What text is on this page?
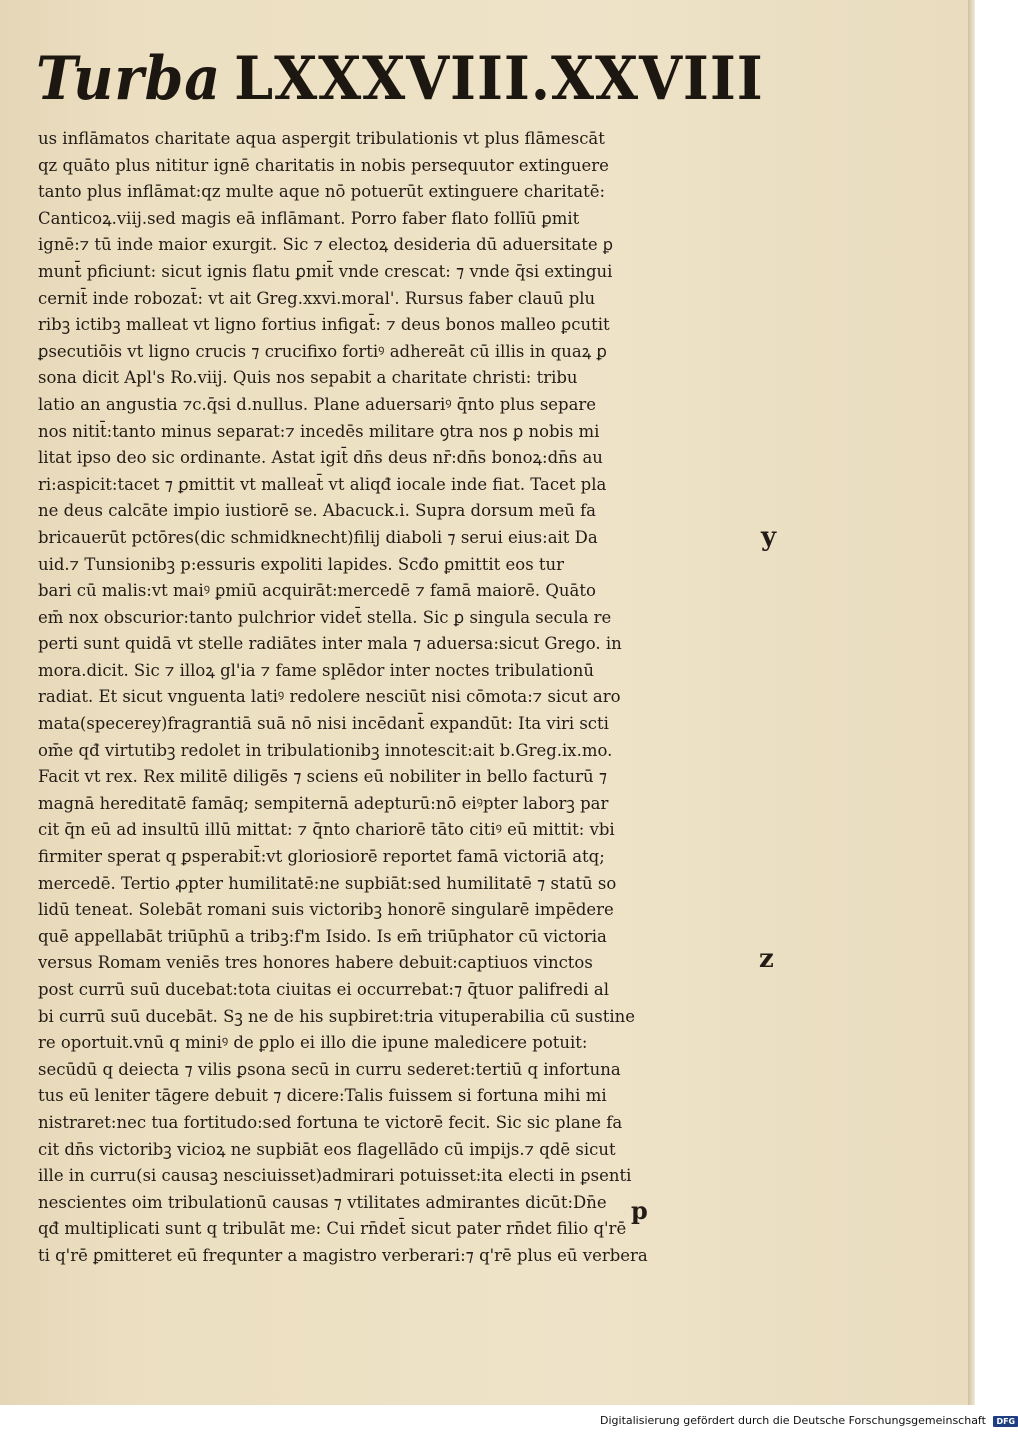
Turba LXXXVIII.XXVIII
us inflāmatos charitate aqua aspergit tribulationis vt plus flāmescāt
qz quāto plus nititur ignē charitatis in nobis persequutor extinguere
tanto plus inflāmat:qz multe aque nō potuerūt extinguere charitatē:
Canticoꝝ.viij.sed magis eā inflāmant. Porro faber flato follīū ꝑmit
ignē:⁊ tū inde maior exurgit. Sic ⁊ electoꝝ desideria dū aduersitate ꝑ
munt̄ pficiunt: sicut ignis flatu ꝑmit̄ vnde crescat: ⁊ vnde q̄si extingui
cernit̄ inde robozat̄: vt ait Greg.xxvi.moral'. Rursus faber clauū plu
ribꝫ ictibꝫ malleat vt ligno fortius infigat̄: ⁊ deus bonos malleo ꝑcutit
ꝑsecutiōis vt ligno crucis ⁊ crucifixo fortiꝰ adhereāt cū illis in quaꝝ ꝑ
sona dicit Apl's Ro.viij. Quis nos sepabit a charitate christi: tribu
latio an angustia ⁊c.q̄si d.nullus. Plane aduersariꝰ q̄nto plus separe
nos nitit̄:tanto minus separat:⁊ incedēs militare ꝯtra nos ꝑ nobis mi
litat ipso deo sic ordinante. Astat igit̄ dn̄s deus nr̄:dn̄s bonoꝝ:dn̄s au
ri:aspicit:tacet ⁊ ꝑmittit vt malleat̄ vt aliqđ iocale inde fiat. Tacet pla
ne deus calcāte impio iustiorē se. Abacuck.i. Supra dorsum meū fa
bricauerūt pctōres(dic schmidknecht)filij diaboli ⁊ serui eius:ait Da
uid.⁊ Tunsionibꝫ p:essuris expoliti lapides. Scđo ꝑmittit eos tur
bari cū malis:vt maiꝰ ꝑmiū acquirāt:mercedē ⁊ famā maiorē. Quāto
em̄ nox obscurior:tanto pulchrior videt̄ stella. Sic ꝑ singula secula re
perti sunt quidā vt stelle radiātes inter mala ⁊ aduersa:sicut Grego. in
mora.dicit. Sic ⁊ illoꝝ gl'ia ⁊ fame splēdor inter noctes tribulationū
radiat. Et sicut vnguenta latiꝰ redolere nesciūt nisi cōmota:⁊ sicut aro
mata(specerey)fragrantiā suā nō nisi incēdant̄ expandūt: Ita viri scti
om̄e qđ virtutibꝫ redolet in tribulationibꝫ innotescit:ait b.Greg.ix.mo.
Facit vt rex. Rex militē diligēs ⁊ sciens eū nobiliter in bello facturū ⁊
magnā hereditatē famāq; sempiternā adepturū:nō eiꝰpter laborꝫ par
cit q̄n eū ad insultū illū mittat: ⁊ q̄nto chariorē tāto citiꝰ eū mittit: vbi
firmiter sperat q ꝑsperabit̄:vt gloriosiorē reportet famā victoriā atq;
mercedē. Tertio ꝓpter humilitatē:ne supbiāt:sed humilitatē ⁊ statū so
lidū teneat. Solebāt romani suis victoribꝫ honorē singularē impēdere
quē appellabāt triūphū a tribꝫ:f'm Isido. Is em̄ triūphator cū victoria
versus Romam veniēs tres honores habere debuit:captiuos vinctos
post currū suū ducebat:tota ciuitas ei occurrebat:⁊ q̄tuor palifredi al
bi currū suū ducebāt. Sꝫ ne de his supbiret:tria vituperabilia cū sustine
re oportuit.vnū q miniꝰ de ꝑplo ei illo die ipune maledicere potuit:
secūdū q deiecta ⁊ vilis ꝑsona secū in curru sederet:tertiū q infortuna
tus eū leniter tāgere debuit ⁊ dicere:Talis fuissem si fortuna mihi mi
nistraret:nec tua fortitudo:sed fortuna te victorē fecit. Sic sic plane fa
cit dn̄s victoribꝫ vicioꝝ ne supbiāt eos flagellādo cū impijs.⁊ qdē sicut
ille in curru(si causaꝫ nesciuisset)admirari potuisset:ita electi in ꝑsenti
nescientes oim tribulationū causas ⁊ vtilitates admirantes dicūt:Dn̄e
qđ multiplicati sunt q tribulāt me: Cui rn̄det̄ sicut pater rn̄det filio q'rē
ti q'rē ꝑmitteret eū frequnter a magistro verberari:⁊ q'rē plus eū verbera
y
z
p
Digitalisierung gefördert durch die Deutsche Forschungsgemeinschaft DFG
